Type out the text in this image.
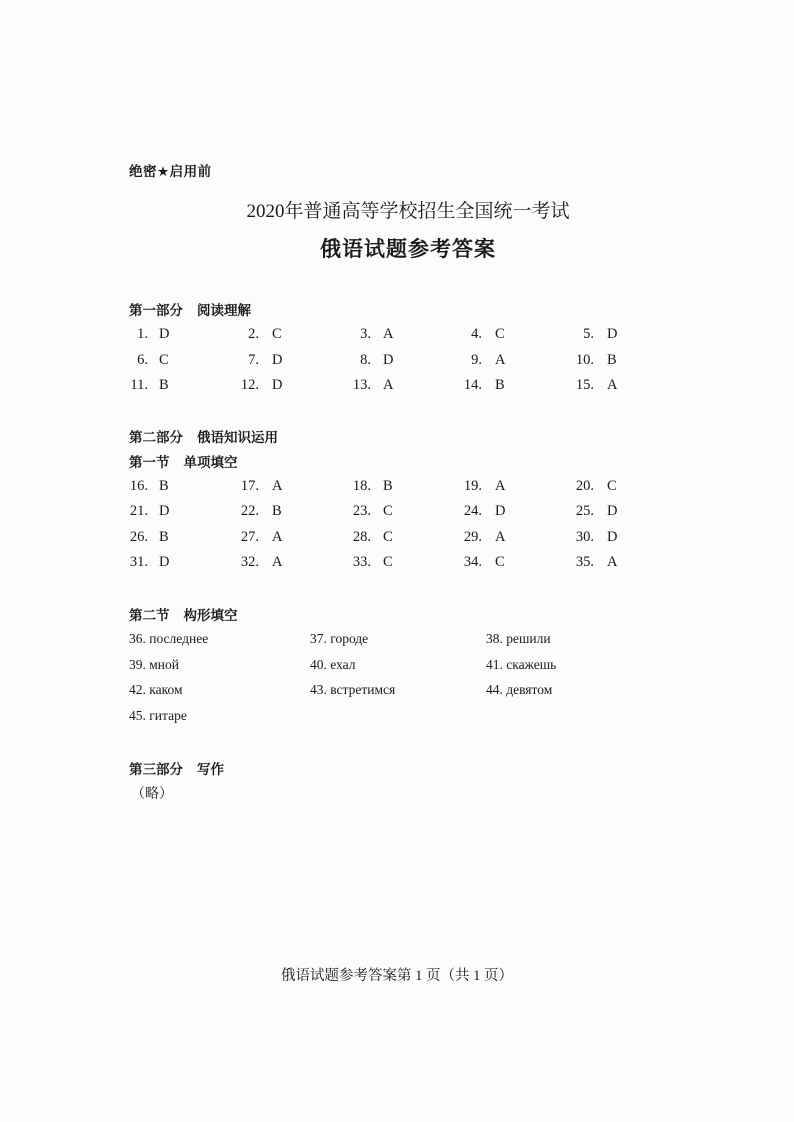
绝密★启用前
2020年普通高等学校招生全国统一考试
俄语试题参考答案
第一部分 阅读理解
1. D	2. C	3. A	4. C	5. D
6. C	7. D	8. D	9. A	10. B
11. B	12. D	13. A	14. B	15. A
第二部分 俄语知识运用
第一节 单项填空
16. B	17. A	18. B	19. A	20. C
21. D	22. B	23. C	24. D	25. D
26. B	27. A	28. C	29. A	30. D
31. D	32. A	33. C	34. C	35. A
第二节 构形填空
36. последнее	37. городе	38. решили
39. мной	40. ехал	41. скажешь
42. каком	43. встретимся	44. девятом
45. гитаре
第三部分 写作
（略）
俄语试题参考答案第 1 页（共 1 页）
